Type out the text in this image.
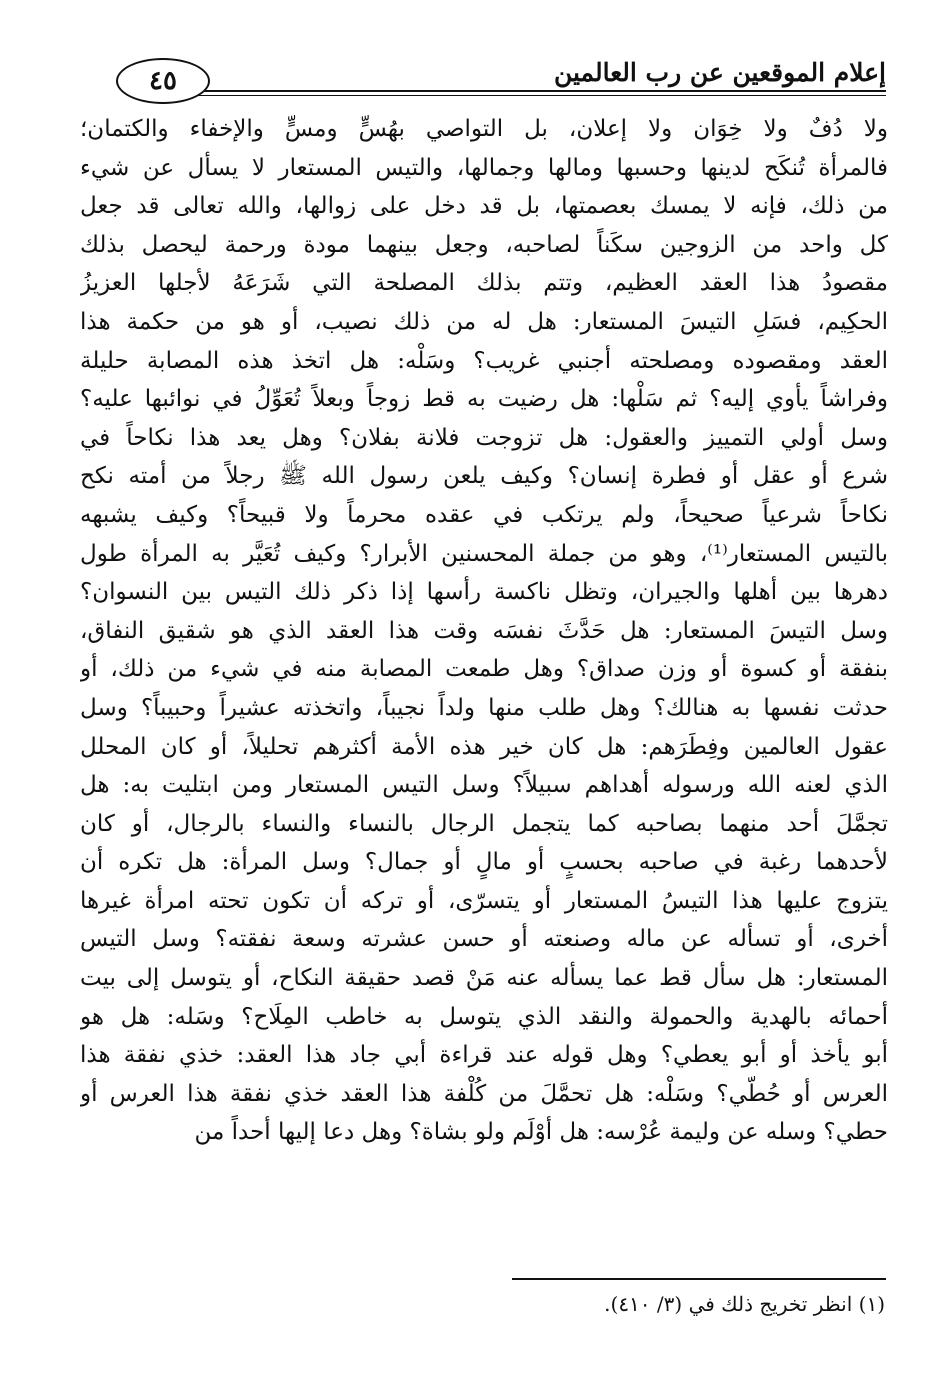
إعلام الموقعين عن رب العالمين
٤٥
ولا دُفٌ ولا خِوَان ولا إعلان، بل التواصي بهُسٍّ ومسٍّ والإخفاء والكتمان؛
فالمرأة تُنكَح لدينها وحسبها ومالها وجمالها، والتيس المستعار لا يسأل عن شيء
من ذلك، فإنه لا يمسك بعصمتها، بل قد دخل على زوالها، والله تعالى قد جعل
كل واحد من الزوجين سكَناً لصاحبه، وجعل بينهما مودة ورحمة ليحصل بذلك
مقصودُ هذا العقد العظيم، وتتم بذلك المصلحة التي شَرَعَهُ لأجلها العزيزُ
الحكِيم، فسَلِ التيسَ المستعار: هل له من ذلك نصيب، أو هو من حكمة هذا
العقد ومقصوده ومصلحته أجنبي غريب؟ وسَلْه: هل اتخذ هذه المصابة حليلة
وفراشاً يأوي إليه؟ ثم سَلْها: هل رضيت به قط زوجاً وبعلاً تُعَوِّلُ في نوائبها عليه؟
وسل أولي التمييز والعقول: هل تزوجت فلانة بفلان؟ وهل يعد هذا نكاحاً في
شرع أو عقل أو فطرة إنسان؟ وكيف يلعن رسول الله ﷺ رجلاً من أمته نكح
نكاحاً شرعياً صحيحاً، ولم يرتكب في عقده محرماً ولا قبيحاً؟ وكيف يشبهه
بالتيس المستعار⁽¹⁾، وهو من جملة المحسنين الأبرار؟ وكيف تُعَيَّر به المرأة طول
دهرها بين أهلها والجيران، وتظل ناكسة رأسها إذا ذكر ذلك التيس بين النسوان؟
وسل التيسَ المستعار: هل حَدَّثَ نفسَه وقت هذا العقد الذي هو شقيق النفاق،
بنفقة أو كسوة أو وزن صداق؟ وهل طمعت المصابة منه في شيء من ذلك، أو
حدثت نفسها به هنالك؟ وهل طلب منها ولداً نجيباً، واتخذته عشيراً وحبيباً؟ وسل
عقول العالمين وفِطَرَهم: هل كان خير هذه الأمة أكثرهم تحليلاً، أو كان المحلل
الذي لعنه الله ورسوله أهداهم سبيلاً؟ وسل التيس المستعار ومن ابتليت به: هل
تجمَّلَ أحد منهما بصاحبه كما يتجمل الرجال بالنساء والنساء بالرجال، أو كان
لأحدهما رغبة في صاحبه بحسبٍ أو مالٍ أو جمال؟ وسل المرأة: هل تكره أن
يتزوج عليها هذا التيسُ المستعار أو يتسرّى، أو تركه أن تكون تحته امرأة غيرها
أخرى، أو تسأله عن ماله وصنعته أو حسن عشرته وسعة نفقته؟ وسل التيس
المستعار: هل سأل قط عما يسأله عنه مَنْ قصد حقيقة النكاح، أو يتوسل إلى بيت
أحمائه بالهدية والحمولة والنقد الذي يتوسل به خاطب المِلَاح؟ وسَله: هل هو
أبو يأخذ أو أبو يعطي؟ وهل قوله عند قراءة أبي جاد هذا العقد: خذي نفقة هذا
العرس أو حُطّي؟ وسَلْه: هل تحمَّلَ من كُلْفة هذا العقد خذي نفقة هذا العرس أو
حطي؟ وسله عن وليمة عُرْسه: هل أوْلَم ولو بشاة؟ وهل دعا إليها أحداً من
(١) انظر تخريج ذلك في (٣/ ٤١٠).
